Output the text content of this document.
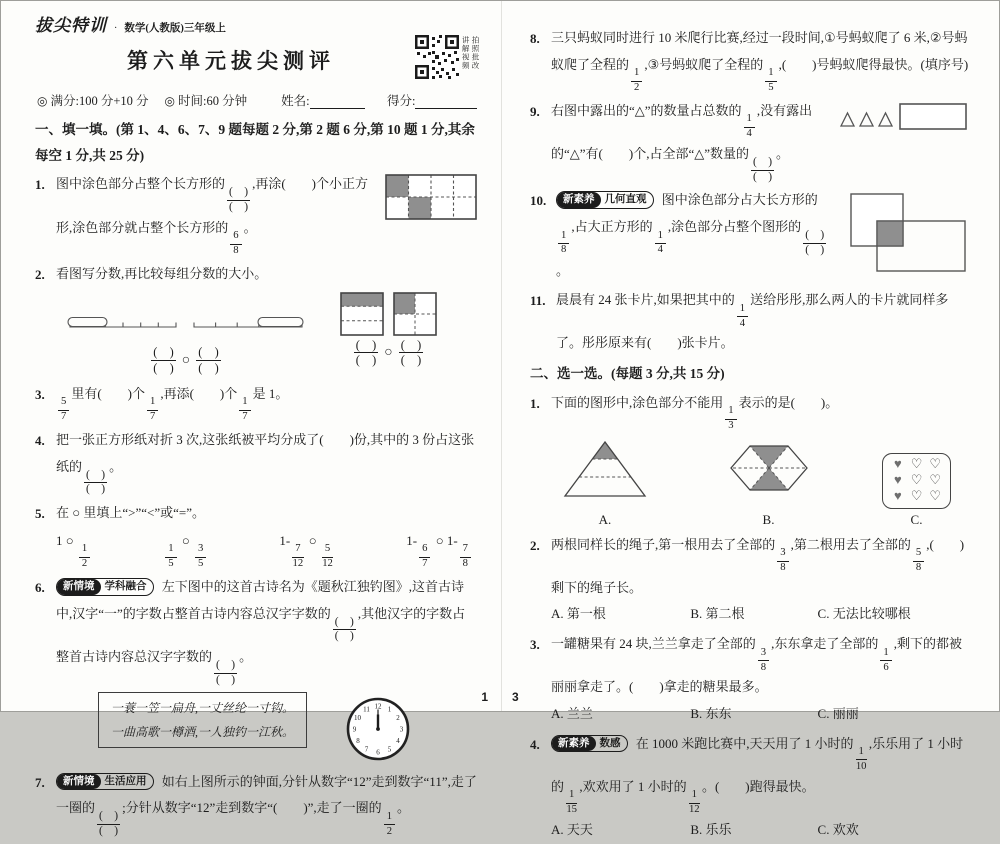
拔尖特训 · 数学(人教版)三年级上
第六单元拔尖测评	讲解视频 拍照批改
◎ 满分:100 分+10 分 ◎ 时间:60 分钟	姓名:	得分:
一、填一填。(第 1、4、6、7、9 题每题 2 分,第 2 题 6 分,第 10 题 1 分,其余每空 1 分,共 25 分)
1. 图中涂色部分占整个长方形的
$\frac{( )}{( )}$
,再涂(　　)个小正方形,涂色部分就占整个长方形的
$\frac{6}{8}$
。
2. 看图写分数,再比较每组分数的大小。
$\frac{( )}{( )}$ ○ $\frac{( )}{( )}$	$\frac{( )}{( )}$ ○ $\frac{( )}{( )}$
3.
$\frac{5}{7}$
里有(　　)个
$\frac{1}{7}$
,再添(　　)个
$\frac{1}{7}$
是 1。
4. 把一张正方形纸对折 3 次,这张纸被平均分成了(　　)份,其中的 3 份占这张纸的
$\frac{( )}{( )}$
。
5. 在 ○ 里填上“>”“<”或“=”。
1 ○
$\frac{1}{2}$	$\frac{1}{5}$
○
$\frac{3}{5}$
1-
$\frac{7}{12}$
○
$\frac{5}{12}$
1-
$\frac{6}{7}$
○ 1-
$\frac{7}{8}$
6.	新情境 学科融合	左下图中的这首古诗名为《题秋江独钓图》,这首古诗中,汉字“一”的字数占整首古诗内容总汉字字数的
$\frac{( )}{( )}$
,其他汉字的字数占整首古诗内容总汉字字数的
$\frac{( )}{( )}$
。
一蓑一笠一扁舟,一丈丝纶一寸钩。
一曲高歌一樽酒,一人独钓一江秋。
1
2
3
4
5
6
7
8
9
10
11 12
7.	新情境 生活应用	如右上图所示的钟面,分针从数字“12”走到数字“11”,走了一圈的
$\frac{( )}{( )}$
;分针从数字“12”走到数字“(　　)”,走了一圈的
$\frac{1}{2}$
。
8. 三只蚂蚁同时进行 10 米爬行比赛,经过一段时间,①号蚂蚁爬了 6 米,②号蚂蚁爬了全程的
$\frac{1}{2}$
,③号蚂蚁爬了全程的
$\frac{1}{5}$
,(　　)号蚂蚁爬得最快。(填序号)
9. 右图中露出的“△”的数量占总数的
$\frac{1}{4}$
,没有露出的“△”有(　　)个,占全部“△”数量的
$\frac{( )}{( )}$
。
10.	新素养 几何直观	图中涂色部分占大长方形的
$\frac{1}{8}$
,占大正方形的
$\frac{1}{4}$
,涂色部分占整个图形的
$\frac{( )}{( )}$
。
11. 晨晨有 24 张卡片,如果把其中的
$\frac{1}{4}$
送给彤彤,那么两人的卡片就同样多了。彤彤原来有(　　)张卡片。
二、选一选。(每题 3 分,共 15 分)
1. 下面的图形中,涂色部分不能用
$\frac{1}{3}$
表示的是(　　)。
A.	B.
♥ ♡ ♡
♥ ♡ ♡
♥ ♡ ♡
C.
2. 两根同样长的绳子,第一根用去了全部的
$\frac{3}{8}$
,第二根用去了全部的
$\frac{5}{8}$
,(　　)剩下的绳子长。
A. 第一根	B. 第二根	C. 无法比较哪根
3. 一罐糖果有 24 块,兰兰拿走了全部的
$\frac{3}{8}$
,东东拿走了全部的
$\frac{1}{6}$
,剩下的都被丽丽拿走了。(　　)拿走的糖果最多。
A. 兰兰	B. 东东	C. 丽丽
4.	新素养 数感	在 1000 米跑比赛中,天天用了 1 小时的
$\frac{1}{10}$
,乐乐用了 1 小时的
$\frac{1}{15}$
,欢欢用了 1 小时的
$\frac{1}{12}$
。(　　)跑得最快。
A. 天天	B. 乐乐	C. 欢欢
1 3
